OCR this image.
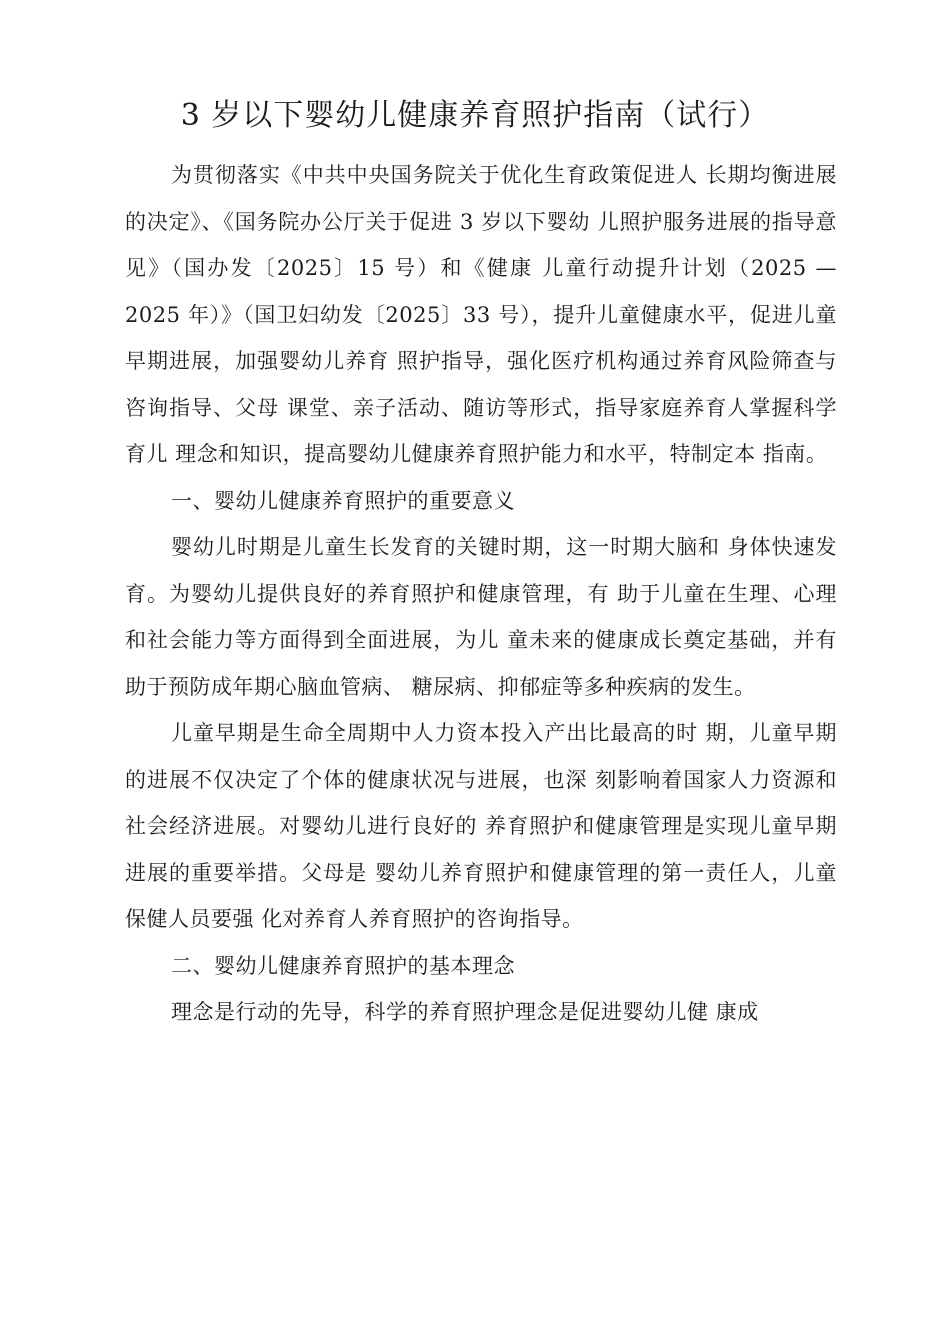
3 岁以下婴幼儿健康养育照护指南（试行）

为贯彻落实《中共中央国务院关于优化生育政策促进人 长期均衡进展的决定》、《国务院办公厅关于促进 3 岁以下婴幼 儿照护服务进展的指导意见》（国办发〔2025〕15 号）和《健康 儿童行动提升计划（2025 — 2025 年）》（国卫妇幼发〔2025〕33 号），提升儿童健康水平，促进儿童早期进展，加强婴幼儿养育 照护指导，强化医疗机构通过养育风险筛查与咨询指导、父母 课堂、亲子活动、随访等形式，指导家庭养育人掌握科学育儿 理念和知识，提高婴幼儿健康养育照护能力和水平，特制定本 指南。

一、婴幼儿健康养育照护的重要意义

婴幼儿时期是儿童生长发育的关键时期，这一时期大脑和 身体快速发育。为婴幼儿提供良好的养育照护和健康管理，有 助于儿童在生理、心理和社会能力等方面得到全面进展，为儿 童未来的健康成长奠定基础，并有助于预防成年期心脑血管病、 糖尿病、抑郁症等多种疾病的发生。

儿童早期是生命全周期中人力资本投入产出比最高的时 期，儿童早期的进展不仅决定了个体的健康状况与进展，也深 刻影响着国家人力资源和社会经济进展。对婴幼儿进行良好的 养育照护和健康管理是实现儿童早期进展的重要举措。父母是 婴幼儿养育照护和健康管理的第一责任人，儿童保健人员要强 化对养育人养育照护的咨询指导。

二、婴幼儿健康养育照护的基本理念

理念是行动的先导，科学的养育照护理念是促进婴幼儿健 康成
